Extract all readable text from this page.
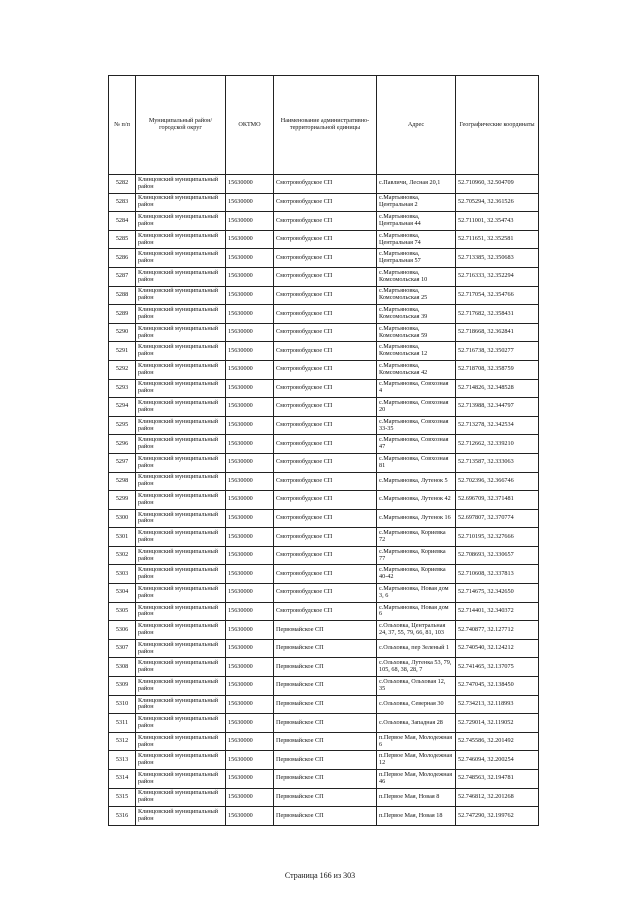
№ п/п	Муниципальный район/городской округ	ОКТМО	Наименование административно-территориальной единицы	Адрес	Географические координаты
5282	Клинцовский муниципальный район	15630000	Смотровобудское СП	с.Павличи, Лесная 20,1	52.710960, 32.504709
5283	Клинцовский муниципальный район	15630000	Смотровобудское СП	с.Мартьяновка, Центральная 2	52.705294, 32.361526
5284	Клинцовский муниципальный район	15630000	Смотровобудское СП	с.Мартьяновка, Центральная 44	52.711001, 32.354743
5285	Клинцовский муниципальный район	15630000	Смотровобудское СП	с.Мартьяновка, Центральная 74	52.711651, 32.352581
5286	Клинцовский муниципальный район	15630000	Смотровобудское СП	с.Мартьяновка, Центральная 57	52.713385, 32.350683
5287	Клинцовский муниципальный район	15630000	Смотровобудское СП	с.Мартьяновка, Комсомольская 10	52.716333, 32.352294
5288	Клинцовский муниципальный район	15630000	Смотровобудское СП	с.Мартьяновка, Комсомольская 25	52.717054, 32.354766
5289	Клинцовский муниципальный район	15630000	Смотровобудское СП	с.Мартьяновка, Комсомольская 39	52.717682, 32.358431
5290	Клинцовский муниципальный район	15630000	Смотровобудское СП	с.Мартьяновка, Комсомольская 59	52.718668, 32.362841
5291	Клинцовский муниципальный район	15630000	Смотровобудское СП	с.Мартьяновка, Комсомольская 12	52.716738, 32.350277
5292	Клинцовский муниципальный район	15630000	Смотровобудское СП	с.Мартьяновка, Комсомольская 42	52.718708, 32.358759
5293	Клинцовский муниципальный район	15630000	Смотровобудское СП	с.Мартьяновка, Совхозная 4	52.714826, 32.348528
5294	Клинцовский муниципальный район	15630000	Смотровобудское СП	с.Мартьяновка, Совхозная 20	52.713988, 32.344797
5295	Клинцовский муниципальный район	15630000	Смотровобудское СП	с.Мартьяновка, Совхозная 33-35	52.713278, 32.342534
5296	Клинцовский муниципальный район	15630000	Смотровобудское СП	с.Мартьяновка, Совхозная 47	52.712662, 32.339210
5297	Клинцовский муниципальный район	15630000	Смотровобудское СП	с.Мартьяновка, Совхозная 81	52.713587, 32.333063
5298	Клинцовский муниципальный район	15630000	Смотровобудское СП	с.Мартьяновка, Лутенок 5	52.702396, 32.366746
5299	Клинцовский муниципальный район	15630000	Смотровобудское СП	с.Мартьяновка, Лутенок 42	52.696709, 32.371481
5300	Клинцовский муниципальный район	15630000	Смотровобудское СП	с.Мартьяновка, Лутенок 16	52.697807, 32.370774
5301	Клинцовский муниципальный район	15630000	Смотровобудское СП	с.Мартьяновка, Кориевка 72	52.710195, 32.327666
5302	Клинцовский муниципальный район	15630000	Смотровобудское СП	с.Мартьяновка, Кориевка 77	52.708693, 32.330657
5303	Клинцовский муниципальный район	15630000	Смотровобудское СП	с.Мартьяновка, Кориевка 40-42	52.710608, 32.337813
5304	Клинцовский муниципальный район	15630000	Смотровобудское СП	с.Мартьяновка, Новая дом 3, 6	52.714675, 32.342650
5305	Клинцовский муниципальный район	15630000	Смотровобудское СП	с.Мартьяновка, Новая дом 6	52.714401, 32.340372
5306	Клинцовский муниципальный район	15630000	Первомайское СП	с.Ольховка, Центральная 24, 37, 55, 79, 66, 81, 103	52.740877, 32.127712
5307	Клинцовский муниципальный район	15630000	Первомайское СП	с.Ольховка, пер Зеленый 1	52.740540, 32.124212
5308	Клинцовский муниципальный район	15630000	Первомайское СП	с.Ольховка, Лутенка 53, 79, 105, 68, 38, 28, 7	52.741465, 32.137075
5309	Клинцовский муниципальный район	15630000	Первомайское СП	с.Ольховка, Ольховая 12, 35	52.747045, 32.138450
5310	Клинцовский муниципальный район	15630000	Первомайское СП	с.Ольховка, Северная 30	52.734213, 32.118993
5311	Клинцовский муниципальный район	15630000	Первомайское СП	с.Ольховка, Западная 28	52.729014, 32.119052
5312	Клинцовский муниципальный район	15630000	Первомайское СП	п.Первое Мая, Молодежная 6	52.745586, 32.201492
5313	Клинцовский муниципальный район	15630000	Первомайское СП	п.Первое Мая, Молодежная 12	52.746094, 32.200254
5314	Клинцовский муниципальный район	15630000	Первомайское СП	п.Первое Мая, Молодежная 46	52.748563, 32.194781
5315	Клинцовский муниципальный район	15630000	Первомайское СП	п.Первое Мая, Новая 8	52.746812, 32.201268
5316	Клинцовский муниципальный район	15630000	Первомайское СП	п.Первое Мая, Новая 18	52.747290, 32.199762
Страница 166 из 303
